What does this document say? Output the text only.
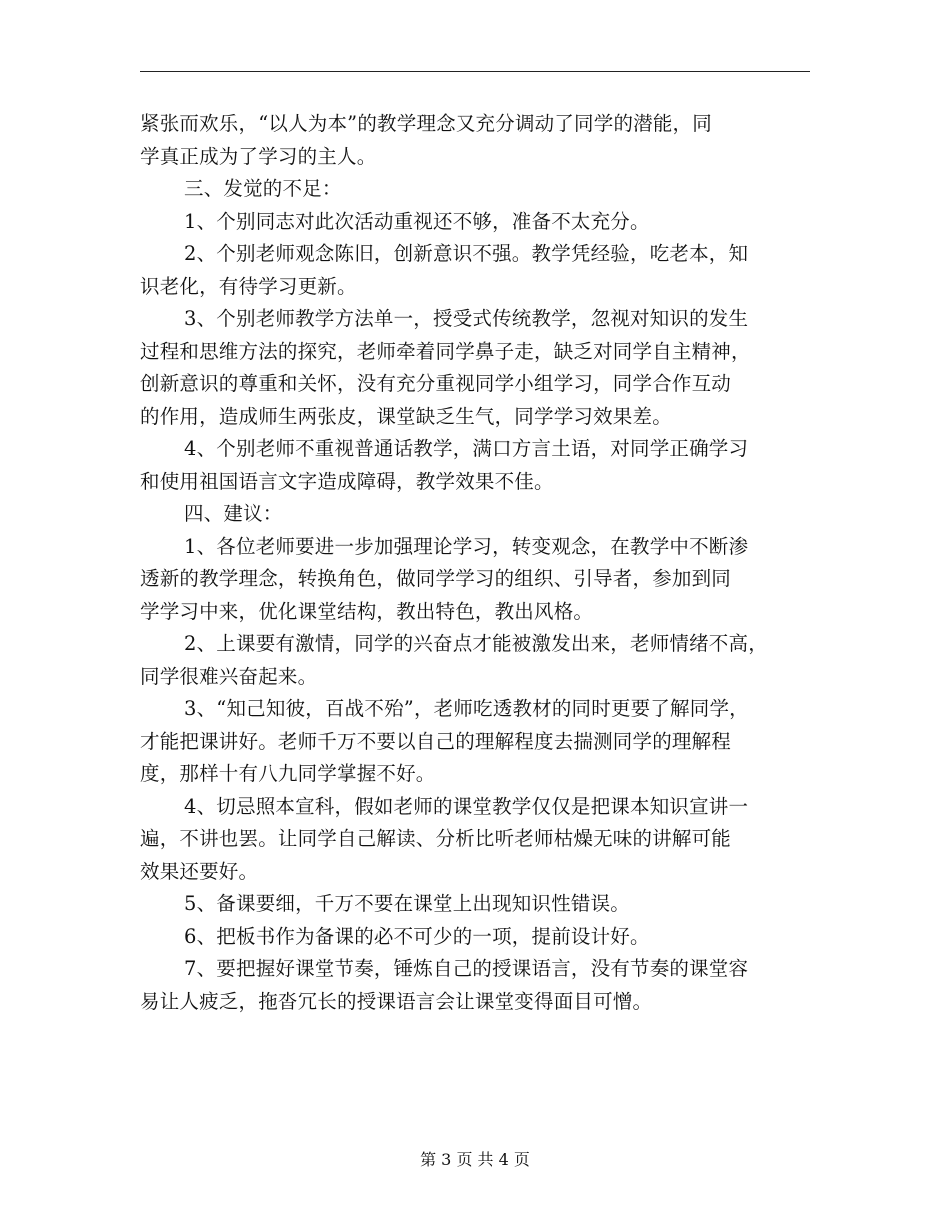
紧张而欢乐，“以人为本”的教学理念又充分调动了同学的潜能，同
学真正成为了学习的主人。
三、发觉的不足：
1、个别同志对此次活动重视还不够，准备不太充分。
2、个别老师观念陈旧，创新意识不强。教学凭经验，吃老本，知
识老化，有待学习更新。
3、个别老师教学方法单一，授受式传统教学，忽视对知识的发生
过程和思维方法的探究，老师牵着同学鼻子走，缺乏对同学自主精神，
创新意识的尊重和关怀，没有充分重视同学小组学习，同学合作互动
的作用，造成师生两张皮，课堂缺乏生气，同学学习效果差。
4、个别老师不重视普通话教学，满口方言土语，对同学正确学习
和使用祖国语言文字造成障碍，教学效果不佳。
四、建议：
1、各位老师要进一步加强理论学习，转变观念，在教学中不断渗
透新的教学理念，转换角色，做同学学习的组织、引导者，参加到同
学学习中来，优化课堂结构，教出特色，教出风格。
2、上课要有激情，同学的兴奋点才能被激发出来，老师情绪不高，
同学很难兴奋起来。
3、“知己知彼，百战不殆”，老师吃透教材的同时更要了解同学，
才能把课讲好。老师千万不要以自己的理解程度去揣测同学的理解程
度，那样十有八九同学掌握不好。
4、切忌照本宣科，假如老师的课堂教学仅仅是把课本知识宣讲一
遍，不讲也罢。让同学自己解读、分析比听老师枯燥无味的讲解可能
效果还要好。
5、备课要细，千万不要在课堂上出现知识性错误。
6、把板书作为备课的必不可少的一项，提前设计好。
7、要把握好课堂节奏，锤炼自己的授课语言，没有节奏的课堂容
易让人疲乏，拖沓冗长的授课语言会让课堂变得面目可憎。
第 3 页 共 4 页
